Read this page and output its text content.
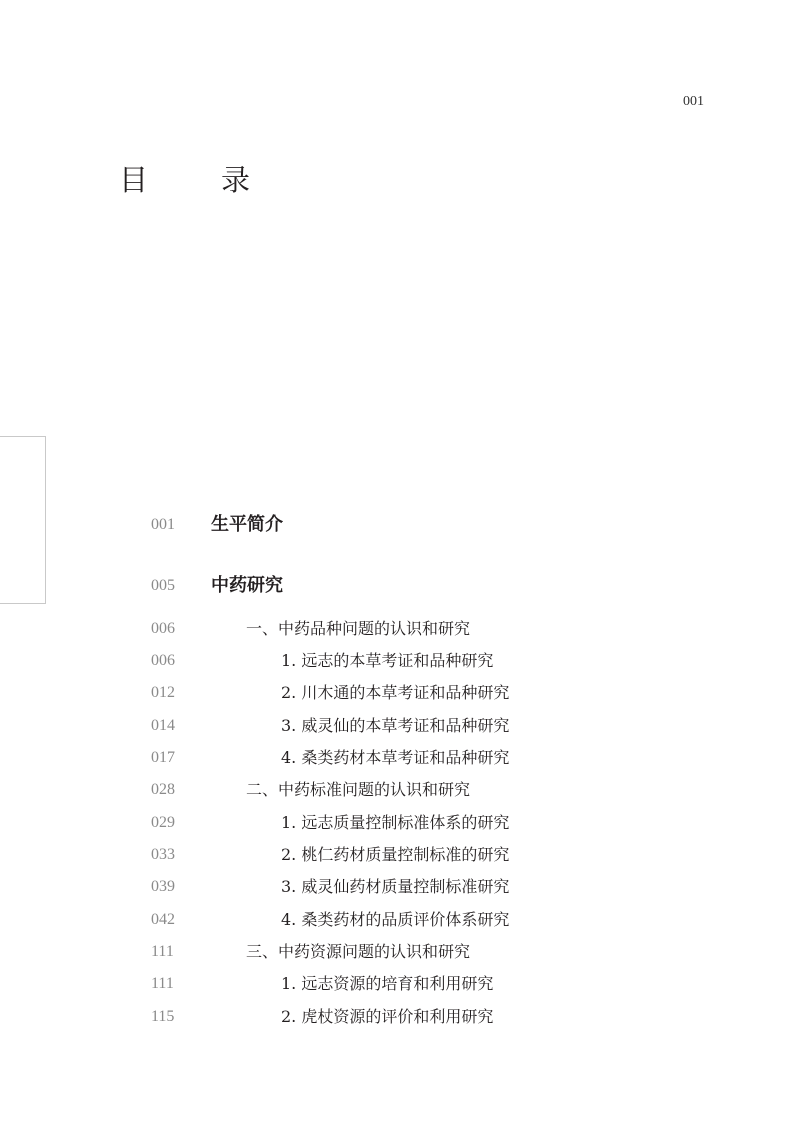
001
目　录
001 生平简介
005 中药研究
006	一、中药品种问题的认识和研究
006	1. 远志的本草考证和品种研究
012	2. 川木通的本草考证和品种研究
014	3. 威灵仙的本草考证和品种研究
017	4. 桑类药材本草考证和品种研究
028	二、中药标准问题的认识和研究
029	1. 远志质量控制标准体系的研究
033	2. 桃仁药材质量控制标准的研究
039	3. 威灵仙药材质量控制标准研究
042	4. 桑类药材的品质评价体系研究
111	三、中药资源问题的认识和研究
111	1. 远志资源的培育和利用研究
115	2. 虎杖资源的评价和利用研究
